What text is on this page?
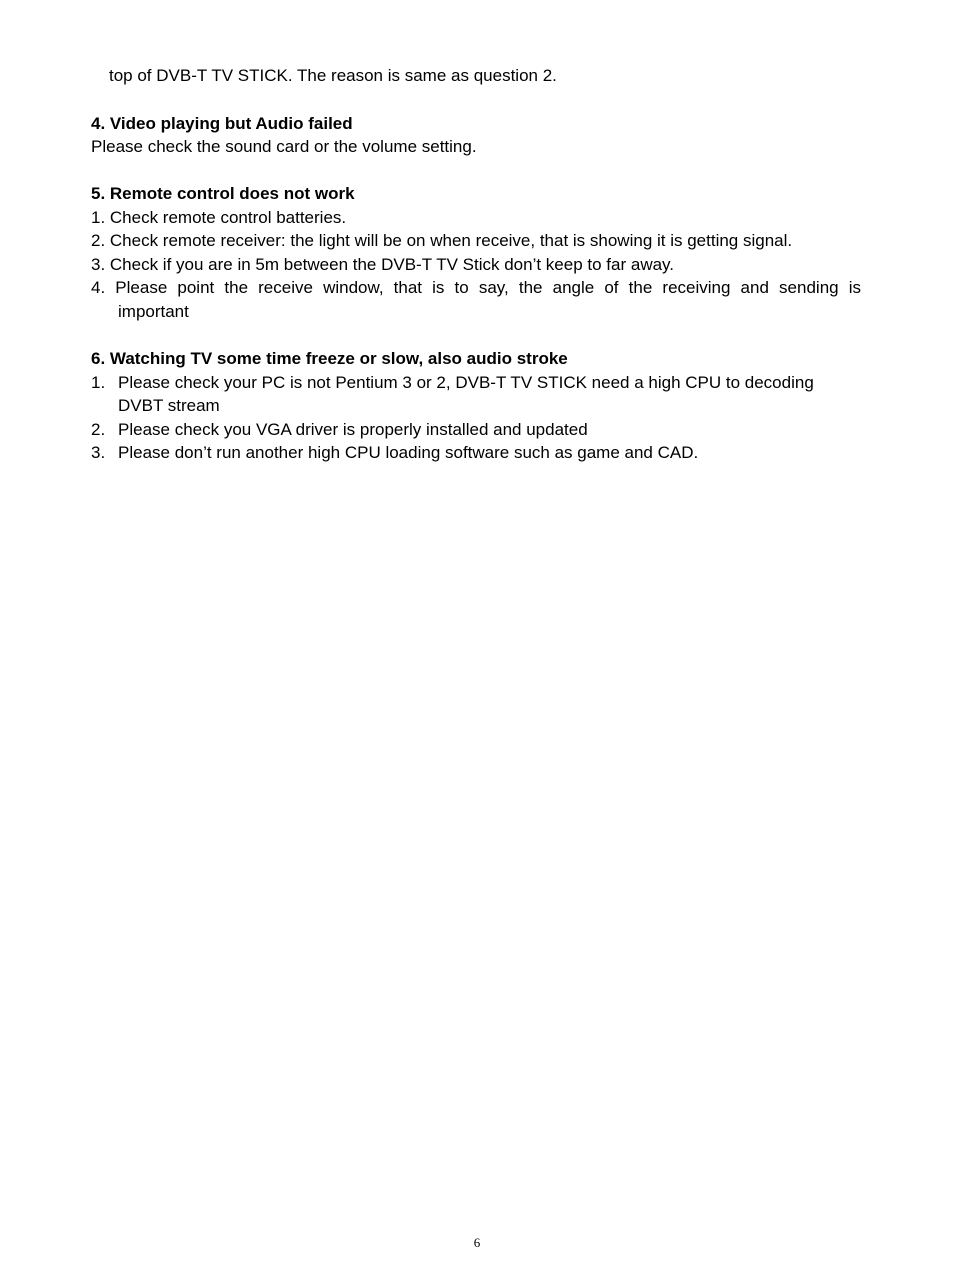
top of DVB-T TV STICK. The reason is same as question 2.
4. Video playing but Audio failed
Please check the sound card or the volume setting.
5. Remote control does not work
1. Check remote control batteries.
2. Check remote receiver: the light will be on when receive, that is showing it is getting signal.
3. Check if you are in 5m between the DVB-T TV Stick don’t keep to far away.
4. Please point the receive window, that is to say, the angle of the receiving and sending is
important
6. Watching TV some time freeze or slow, also audio stroke
1. Please check your PC is not Pentium 3 or 2, DVB-T TV STICK need a high CPU to decoding
DVBT stream
2. Please check you VGA driver is properly installed and updated
3. Please don’t run another high CPU loading software such as game and CAD.
6
